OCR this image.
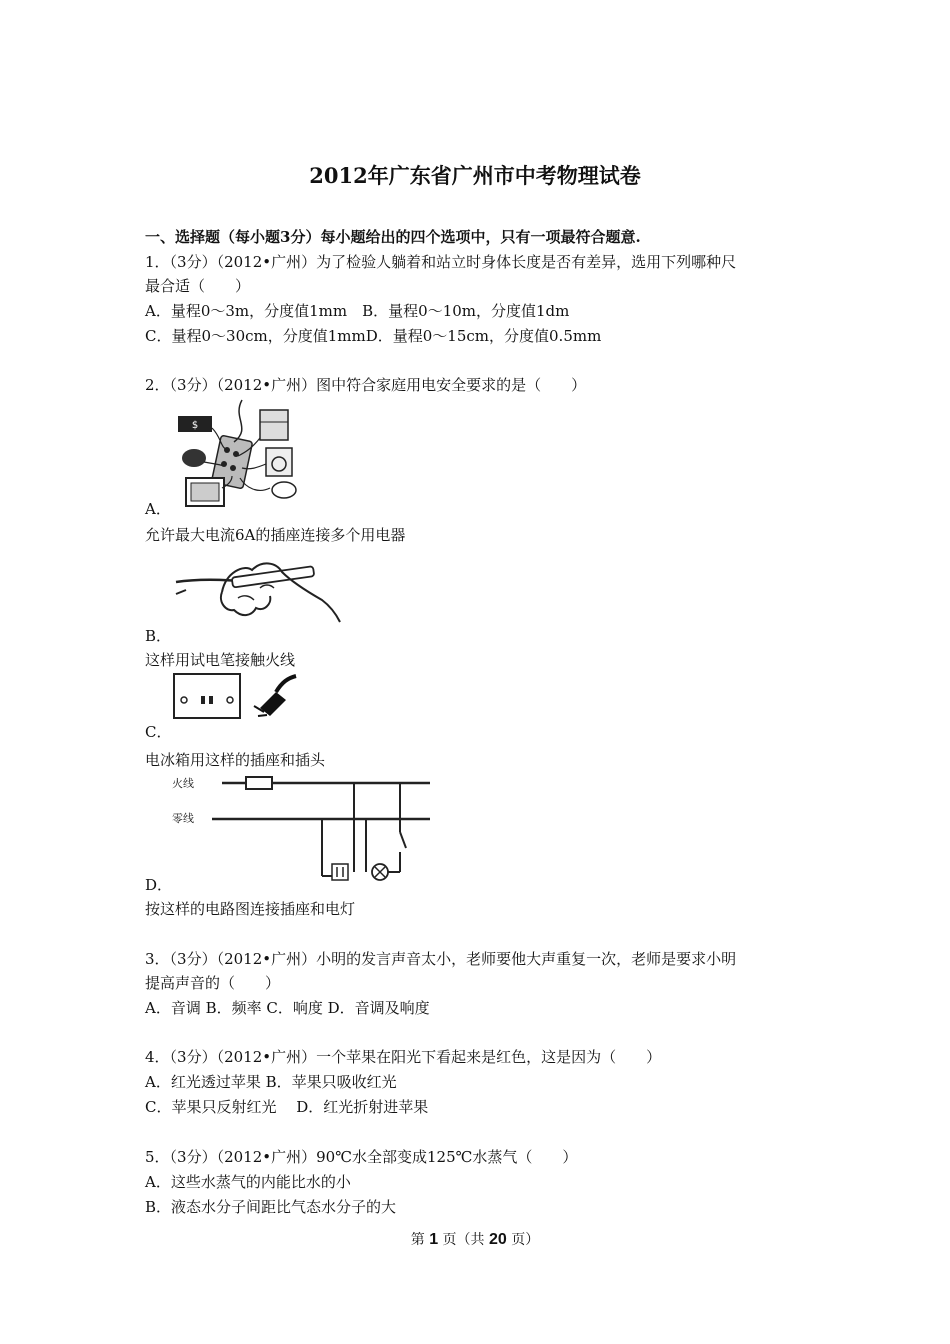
2012年广东省广州市中考物理试卷
一、选择题（每小题3分）每小题给出的四个选项中，只有一项最符合题意.
1．（3分）（2012•广州）为了检验人躺着和站立时身体长度是否有差异，选用下列哪种尺
最合适（　　）
A．量程0～3m，分度值1mm　B．量程0～10m，分度值1dm
C．量程0～30cm，分度值1mmD．量程0～15cm，分度值0.5mm
2．（3分）（2012•广州）图中符合家庭用电安全要求的是（　　）
$
A．
允许最大电流6A的插座连接多个用电器
B．
这样用试电笔接触火线
C．
电冰箱用这样的插座和插头
火线
零线
D．
按这样的电路图连接插座和电灯
3．（3分）（2012•广州）小明的发言声音太小，老师要他大声重复一次，老师是要求小明
提高声音的（　　）
A．音调 B．频率 C．响度 D．音调及响度
4．（3分）（2012•广州）一个苹果在阳光下看起来是红色，这是因为（　　）
A．红光透过苹果 B．苹果只吸收红光
C．苹果只反射红光　 D．红光折射进苹果
5．（3分）（2012•广州）90℃水全部变成125℃水蒸气（　　）
A．这些水蒸气的内能比水的小
B．液态水分子间距比气态水分子的大
第 1 页（共 20 页）
